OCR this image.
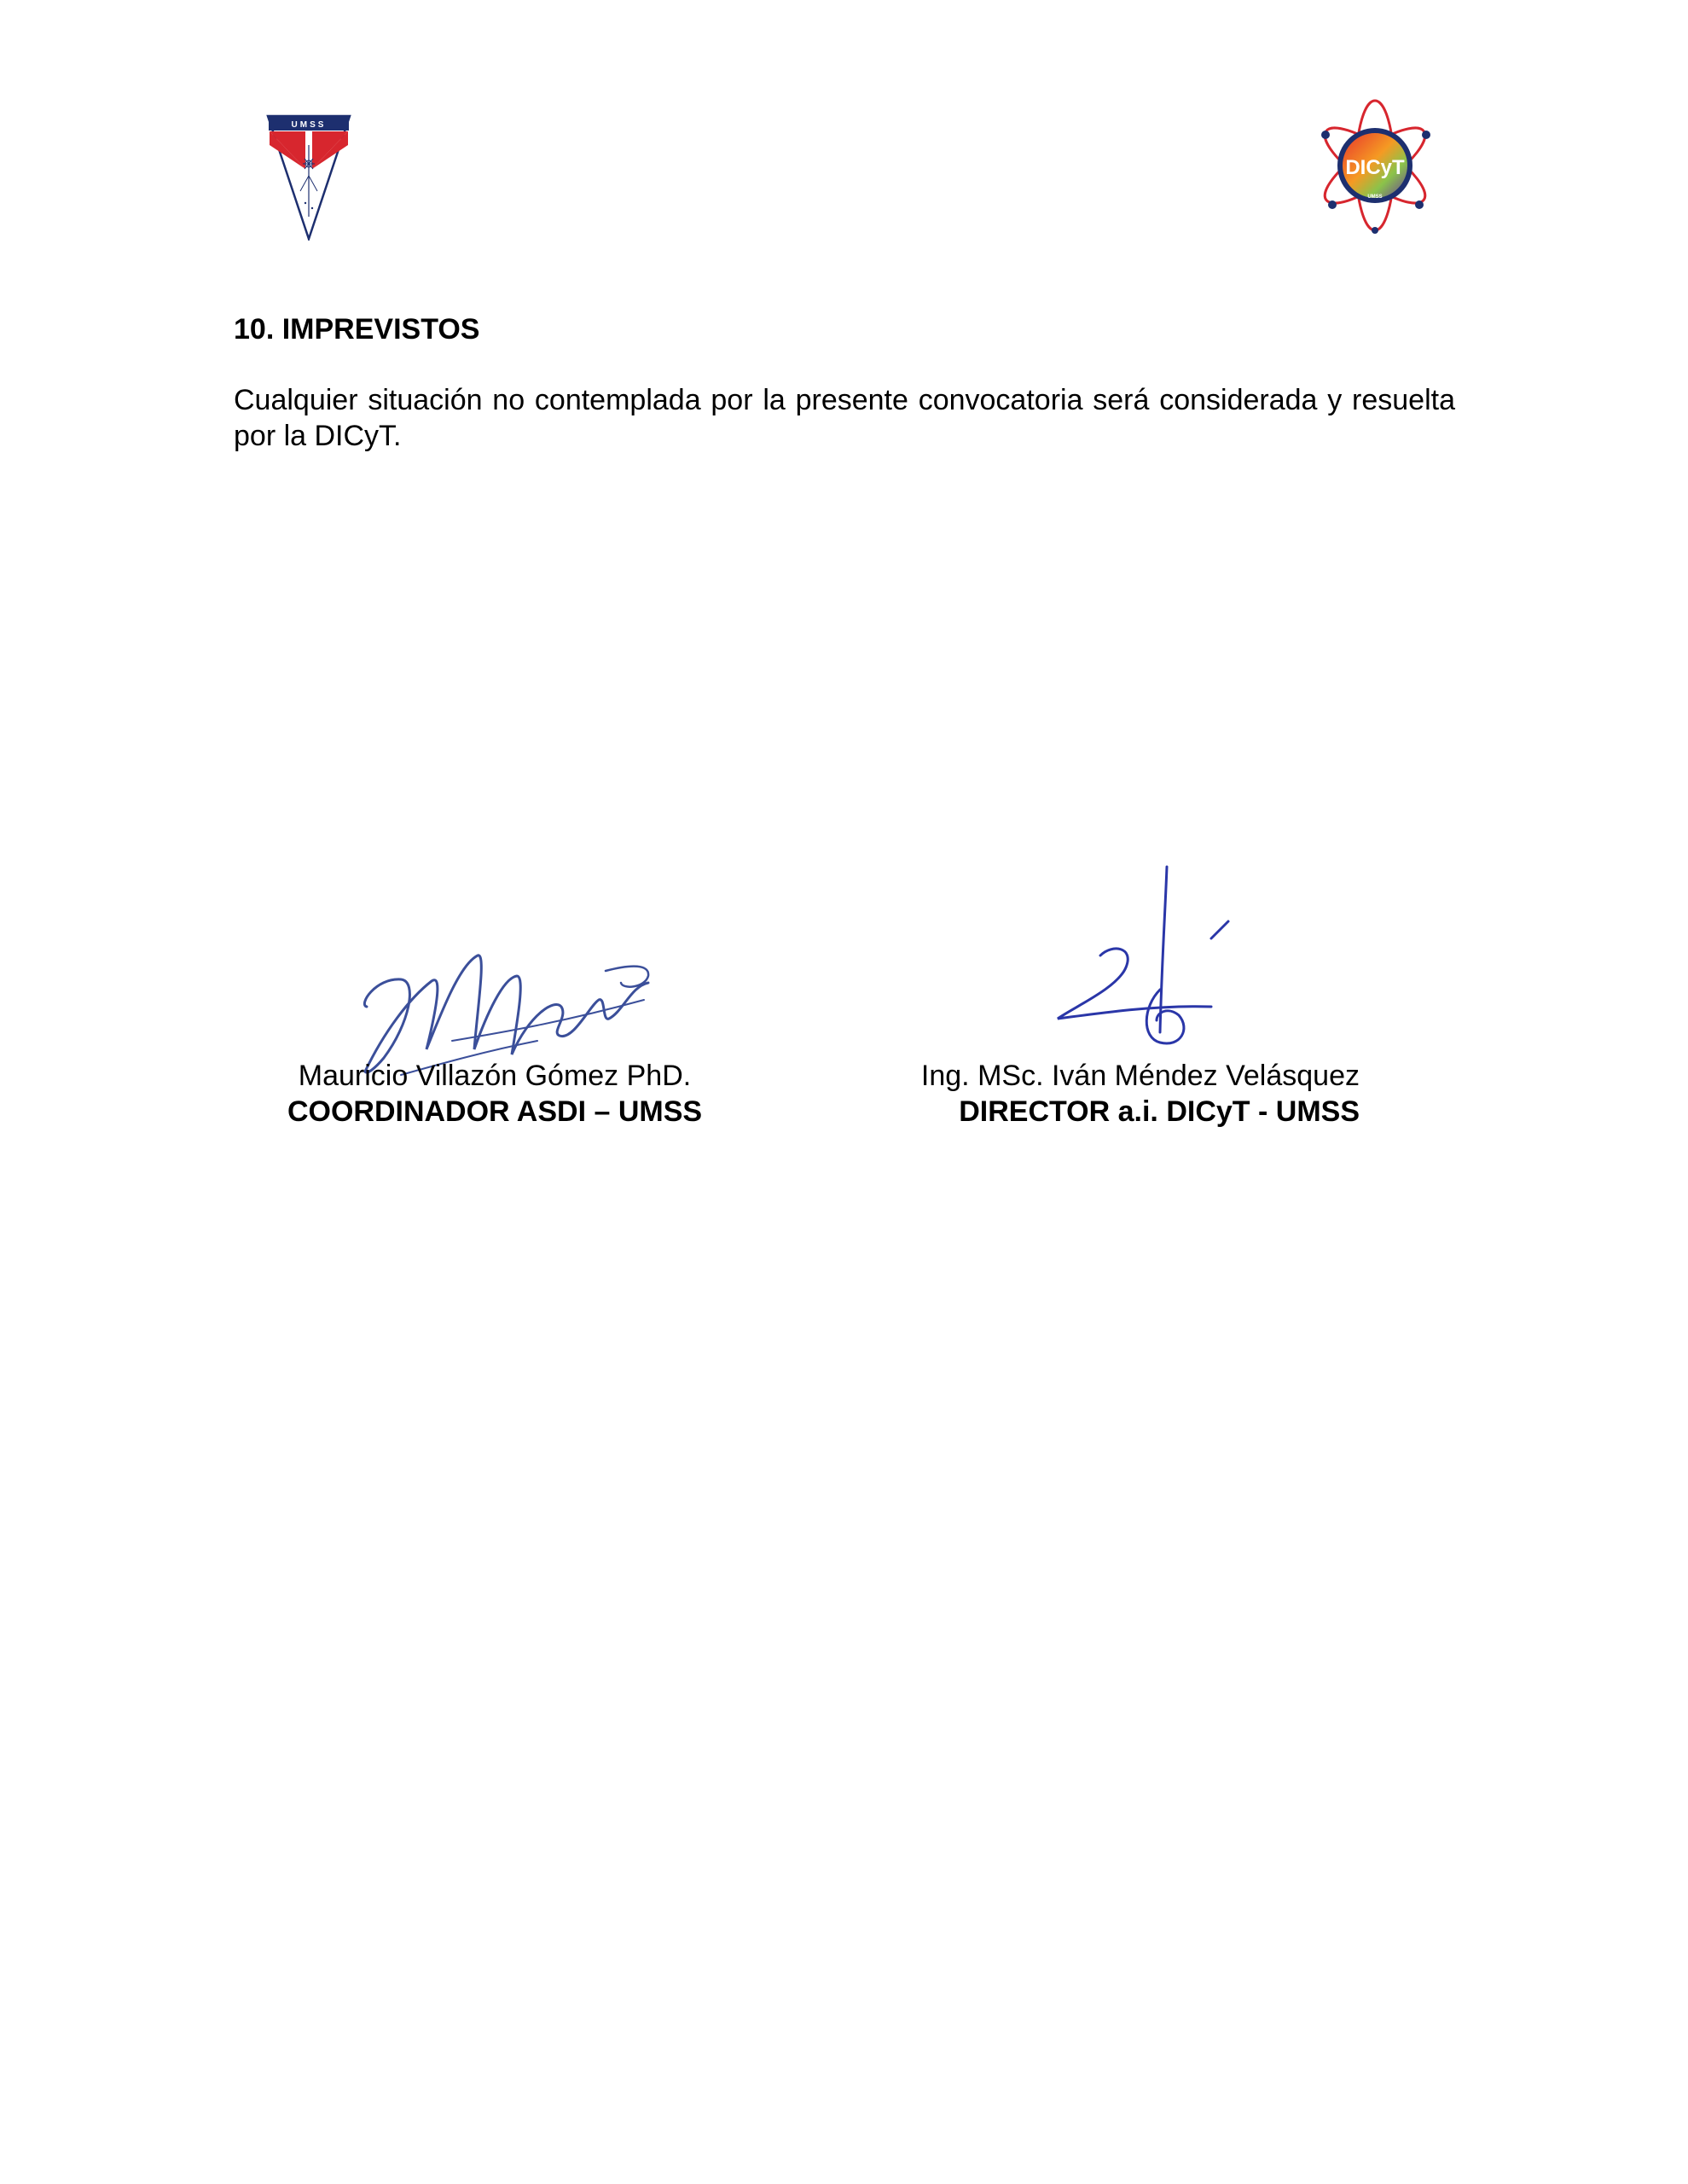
UMSS
DICyT
UMSS
10. IMPREVISTOS
Cualquier situación no contemplada por la presente convocatoria será considerada y resuelta por la DICyT.
Mauricio Villazón Gómez PhD.
COORDINADOR ASDI – UMSS
Ing. MSc. Iván Méndez Velásquez
DIRECTOR a.i. DICyT - UMSS
